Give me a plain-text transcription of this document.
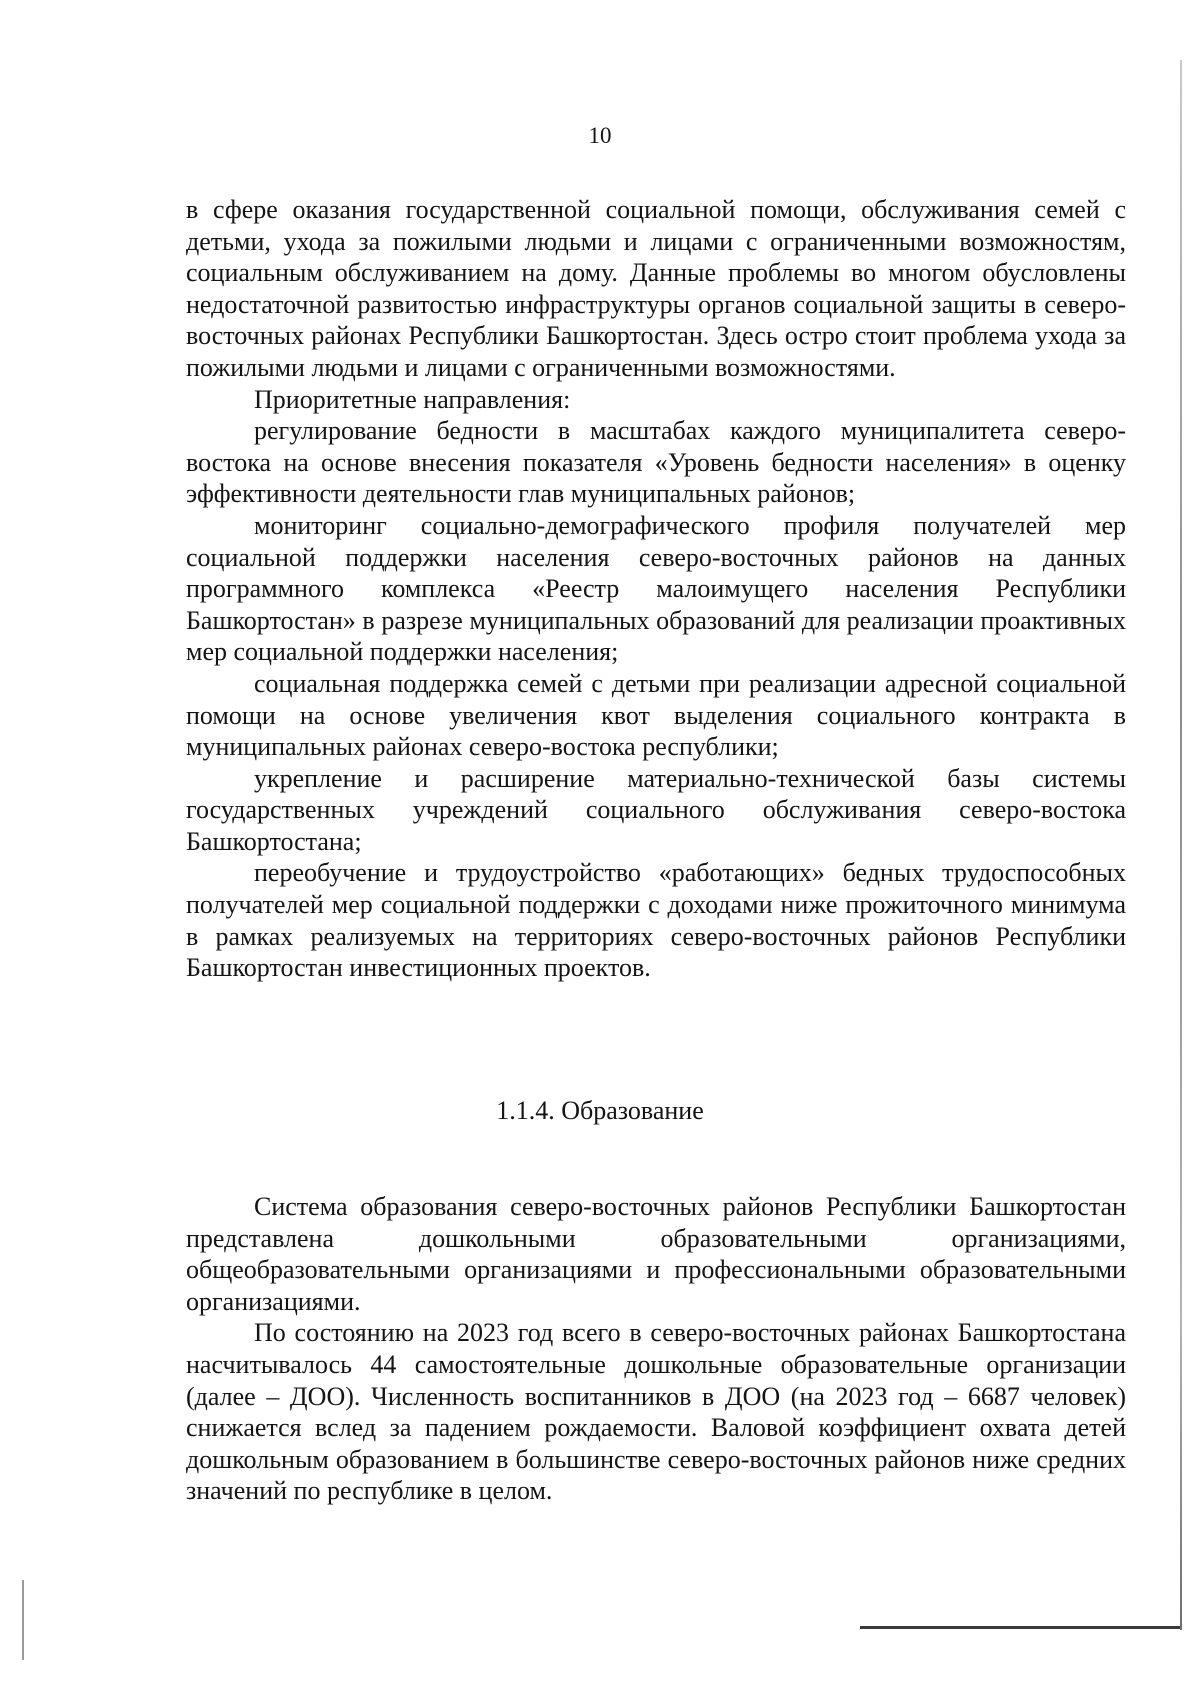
10

в сфере оказания государственной социальной помощи, обслуживания семей с детьми, ухода за пожилыми людьми и лицами с ограниченными возможностям, социальным обслуживанием на дому. Данные проблемы во многом обусловлены недостаточной развитостью инфраструктуры органов социальной защиты в северо-восточных районах Республики Башкортостан. Здесь остро стоит проблема ухода за пожилыми людьми и лицами с ограниченными возможностями.

Приоритетные направления:

регулирование бедности в масштабах каждого муниципалитета северо-востока на основе внесения показателя «Уровень бедности населения» в оценку эффективности деятельности глав муниципальных районов;

мониторинг социально-демографического профиля получателей мер социальной поддержки населения северо-восточных районов на данных программного комплекса «Реестр малоимущего населения Республики Башкортостан» в разрезе муниципальных образований для реализации проактивных мер социальной поддержки населения;

социальная поддержка семей с детьми при реализации адресной социальной помощи на основе увеличения квот выделения социального контракта в муниципальных районах северо-востока республики;

укрепление и расширение материально-технической базы системы государственных учреждений социального обслуживания северо-востока Башкортостана;

переобучение и трудоустройство «работающих» бедных трудоспособных получателей мер социальной поддержки с доходами ниже прожиточного минимума в рамках реализуемых на территориях северо-восточных районов Республики Башкортостан инвестиционных проектов.

1.1.4. Образование

Система образования северо-восточных районов Республики Башкортостан представлена дошкольными образовательными организациями, общеобразовательными организациями и профессиональными образовательными организациями.

По состоянию на 2023 год всего в северо-восточных районах Башкортостана насчитывалось 44 самостоятельные дошкольные образовательные организации (далее – ДОО). Численность воспитанников в ДОО (на 2023 год – 6687 человек) снижается вслед за падением рождаемости. Валовой коэффициент охвата детей дошкольным образованием в большинстве северо-восточных районов ниже средних значений по республике в целом.
